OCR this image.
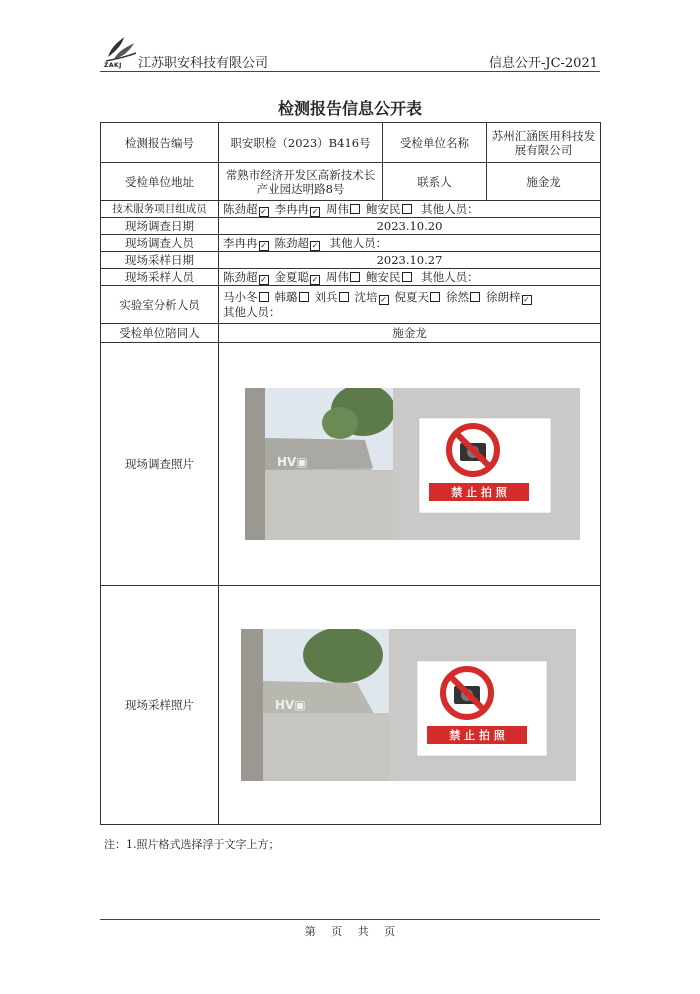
ZAKJ 江苏职安科技有限公司	信息公开-JC-2021
检测报告信息公开表
检测报告编号	职安职检（2023）B416号	受检单位名称	苏州汇涵医用科技发展有限公司
受检单位地址	常熟市经济开发区高新技术长产业园达明路8号	联系人	施金龙
技术服务项目组成员	陈劲超 ✓ 李冉冉 ✓ 周伟 鲍安民 其他人员：		
现场调查日期	2023.10.20		
现场调查人员	李冉冉 ✓ 陈劲超 ✓ 其他人员：		
现场采样日期	2023.10.27		
现场采样人员	陈劲超 ✓ 金夏聪 ✓ 周伟 鲍安民 其他人员：		
实验室分析人员	马小冬 韩璐 刘兵 沈培 ✓ 倪夏天 徐然 徐朗梓 ✓
其他人员：		
受检单位陪同人	施金龙		
现场调查照片	HV▣
禁 止 拍 照		

现场采样照片	HV▣
禁 止 拍 照		
注：1.照片格式选择浮于文字上方；
第 页 共 页
